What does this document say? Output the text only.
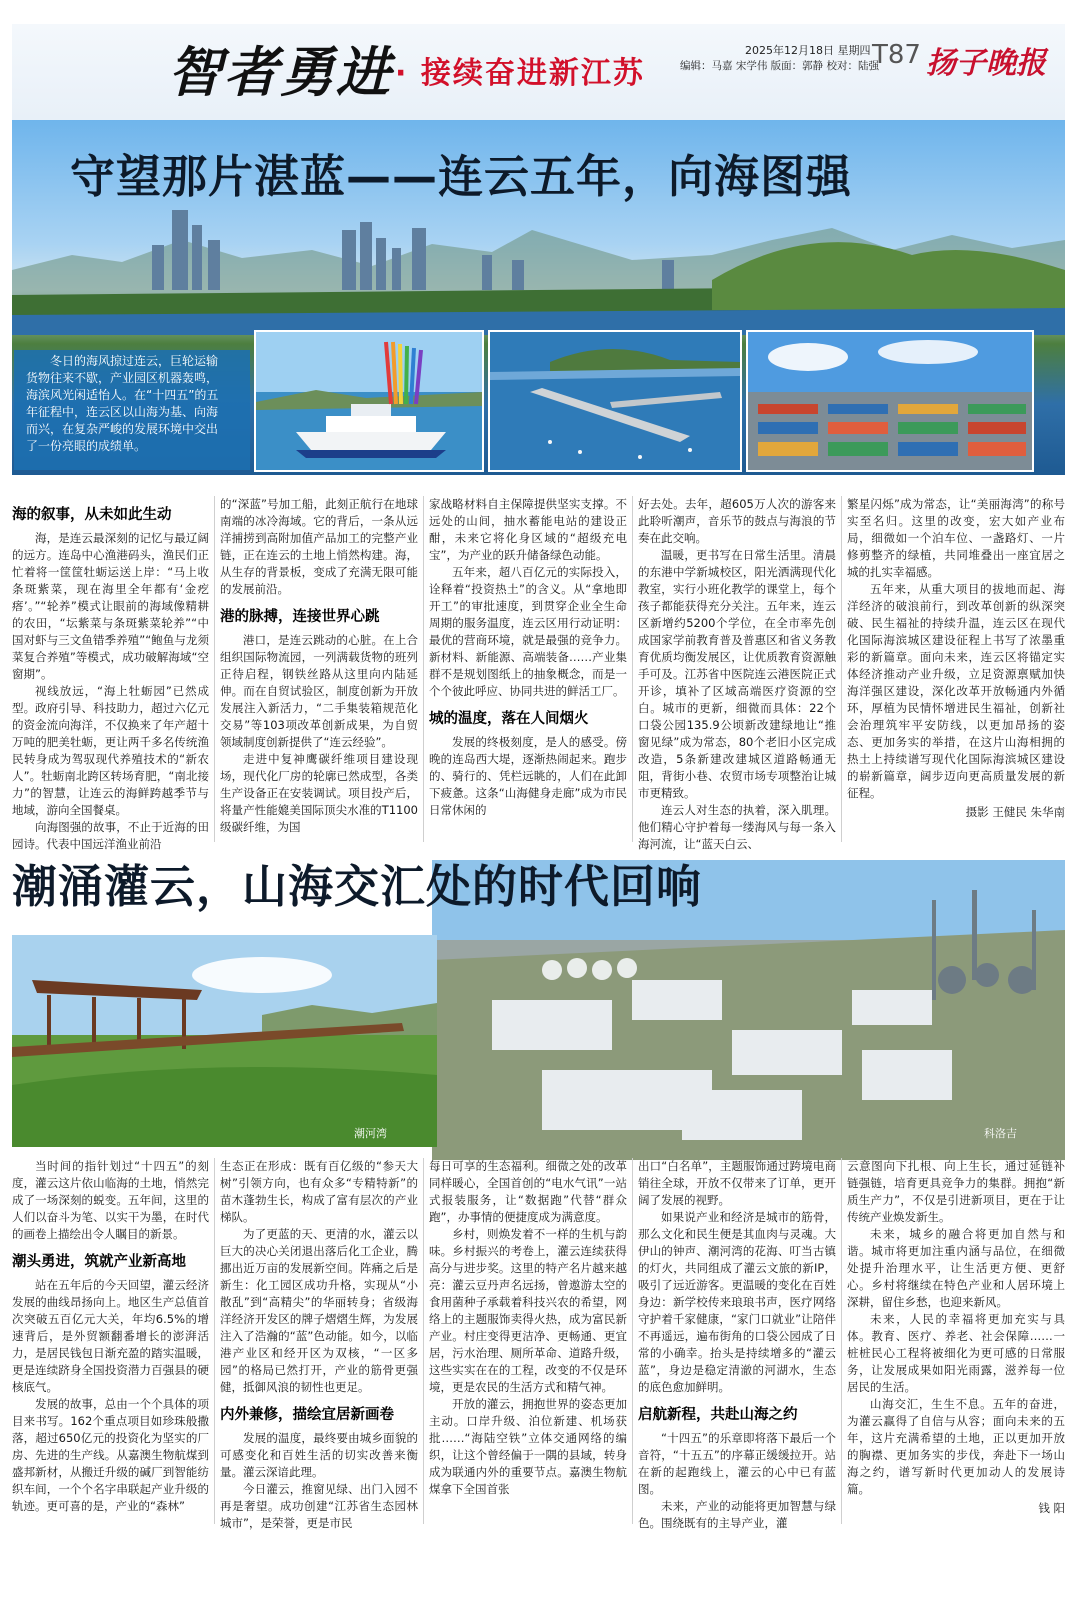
智者勇进 · 接续奋进新江苏
2025年12月18日 星期四
编辑：马嘉 宋学伟 版面：郭静 校对：陆强
T87 扬子晚报
守望那片湛蓝——连云五年，向海图强
冬日的海风掠过连云，巨轮运输货物往来不歇，产业园区机器轰鸣，海滨风光闲适怡人。在“十四五”的五年征程中，连云区以山海为基、向海而兴，在复杂严峻的发展环境中交出了一份亮眼的成绩单。
海的叙事，从未如此生动

海，是连云最深刻的记忆与最辽阔的远方。连岛中心渔港码头，渔民们正忙着将一筐筐牡蛎运送上岸：“马上收条斑紫菜，现在海里全年都有‘金疙瘩’。”“轮养”模式让眼前的海域像精耕的农田，“坛紫菜与条斑紫菜轮养”“中国对虾与三文鱼错季养殖”“鲍鱼与龙须菜复合养殖”等模式，成功破解海域“空窗期”。

视线放远，“海上牡蛎园”已然成型。政府引导、科技助力，超过六亿元的资金流向海洋，不仅换来了年产超十万吨的肥美牡蛎，更让两千多名传统渔民转身成为驾驭现代养殖技术的“新农人”。牡蛎南北跨区转场育肥，“南北接力”的智慧，让连云的海鲜跨越季节与地域，游向全国餐桌。

向海图强的故事，不止于近海的田园诗。代表中国远洋渔业前沿

的“深蓝”号加工船，此刻正航行在地球南端的冰冷海域。它的背后，一条从远洋捕捞到高附加值产品加工的完整产业链，正在连云的土地上悄然构建。海，从生存的背景板，变成了充满无限可能的发展前沿。

港的脉搏，连接世界心跳

港口，是连云跳动的心脏。在上合组织国际物流园，一列满载货物的班列正待启程，钢铁丝路从这里向内陆延伸。而在自贸试验区，制度创新为开放发展注入新活力，“二手集装箱规范化交易”等103项改革创新成果，为自贸领域制度创新提供了“连云经验”。

走进中复神鹰碳纤维项目建设现场，现代化厂房的轮廓已然成型，各类生产设备正在安装调试。项目投产后，将量产性能媲美国际顶尖水准的T1100级碳纤维，为国

家战略材料自主保障提供坚实支撑。不远处的山间，抽水蓄能电站的建设正酣，未来它将化身区域的“超级充电宝”，为产业的跃升储备绿色动能。

五年来，超八百亿元的实际投入，诠释着“投资热土”的含义。从“拿地即开工”的审批速度，到贯穿企业全生命周期的服务温度，连云区用行动证明：最优的营商环境，就是最强的竞争力。新材料、新能源、高端装备……产业集群不是规划图纸上的抽象概念，而是一个个彼此呼应、协同共进的鲜活工厂。

城的温度，落在人间烟火

发展的终极刻度，是人的感受。傍晚的连岛西大堤，逐渐热闹起来。跑步的、骑行的、凭栏远眺的，人们在此卸下疲惫。这条“山海健身走廊”成为市民日常休闲的

好去处。去年，超605万人次的游客来此聆听潮声，音乐节的鼓点与海浪的节奏在此交响。

温暖，更书写在日常生活里。清晨的东港中学新城校区，阳光洒满现代化教室，实行小班化教学的课堂上，每个孩子都能获得充分关注。五年来，连云区新增约5200个学位，在全市率先创成国家学前教育普及普惠区和省义务教育优质均衡发展区，让优质教育资源触手可及。江苏省中医院连云港医院正式开诊，填补了区域高端医疗资源的空白。城市的更新，细微而具体：22个口袋公园135.9公顷新改建绿地让“推窗见绿”成为常态，80个老旧小区完成改造，5条新建改建城区道路畅通无阻，背街小巷、农贸市场专项整治让城市更精致。

连云人对生态的执着，深入肌理。他们精心守护着每一缕海风与每一条入海河流，让“蓝天白云、

繁星闪烁”成为常态，让“美丽海湾”的称号实至名归。这里的改变，宏大如产业布局，细微如一个泊车位、一盏路灯、一片修剪整齐的绿植，共同堆叠出一座宜居之城的扎实幸福感。

五年来，从重大项目的拔地而起、海洋经济的破浪前行，到改革创新的纵深突破、民生福祉的持续升温，连云区在现代化国际海滨城区建设征程上书写了浓墨重彩的新篇章。面向未来，连云区将锚定实体经济推动产业升级，立足资源禀赋加快海洋强区建设，深化改革开放畅通内外循环，厚植为民情怀增进民生福祉，创新社会治理筑牢平安防线，以更加昂扬的姿态、更加务实的举措，在这片山海相拥的热土上持续谱写现代化国际海滨城区建设的崭新篇章，阔步迈向更高质量发展的新征程。

摄影 王健民 朱华南
潮涌灌云，山海交汇处的时代回响
潮河湾	科洛吉

当时间的指针划过“十四五”的刻度，灌云这片依山临海的土地，悄然完成了一场深刻的蜕变。五年间，这里的人们以奋斗为笔、以实干为墨，在时代的画卷上描绘出令人瞩目的新景。

潮头勇进，筑就产业新高地

站在五年后的今天回望，灌云经济发展的曲线昂扬向上。地区生产总值首次突破五百亿元大关，年均6.5%的增速背后，是外贸额翻番增长的澎湃活力，是居民钱包日渐充盈的踏实温暖，更是连续跻身全国投资潜力百强县的硬核底气。

发展的故事，总由一个个具体的项目来书写。162个重点项目如珍珠般撒落，超过650亿元的投资化为坚实的厂房、先进的生产线。从嘉澳生物航煤到盛邦新材，从搬迁升级的碱厂到智能纺织车间，一个个名字串联起产业升级的轨迹。更可喜的是，产业的“森林”

生态正在形成：既有百亿级的“参天大树”引领方向，也有众多“专精特新”的苗木蓬勃生长，构成了富有层次的产业梯队。

为了更蓝的天、更清的水，灌云以巨大的决心关闭退出落后化工企业，腾挪出近万亩的发展新空间。阵痛之后是新生：化工园区成功升格，实现从“小散乱”到“高精尖”的华丽转身；省级海洋经济开发区的牌子熠熠生辉，为发展注入了浩瀚的“蓝”色动能。如今，以临港产业区和经开区为双核，“一区多园”的格局已然打开，产业的筋骨更强健，抵御风浪的韧性也更足。

内外兼修，描绘宜居新画卷

发展的温度，最终要由城乡面貌的可感变化和百姓生活的切实改善来衡量。灌云深谙此理。

今日灌云，推窗见绿、出门入园不再是奢望。成功创建“江苏省生态园林城市”，是荣誉，更是市民

每日可享的生态福利。细微之处的改革同样暖心，全国首创的“电水气讯”一站式报装服务，让“数据跑”代替“群众跑”，办事情的便捷度成为满意度。

乡村，则焕发着不一样的生机与韵味。乡村振兴的考卷上，灌云连续获得高分与进步奖。这里的特产名片越来越亮：灌云豆丹声名远扬，曾遨游太空的食用菌种子承载着科技兴农的希望，网络上的主题服饰卖得火热，成为富民新产业。村庄变得更洁净、更畅通、更宜居，污水治理、厕所革命、道路升级，这些实实在在的工程，改变的不仅是环境，更是农民的生活方式和精气神。

开放的灌云，拥抱世界的姿态更加主动。口岸升级、泊位新建、机场获批……“海陆空铁”立体交通网络的编织，让这个曾经偏于一隅的县域，转身成为联通内外的重要节点。嘉澳生物航煤拿下全国首张

出口“白名单”，主题服饰通过跨境电商销往全球，开放不仅带来了订单，更开阔了发展的视野。

如果说产业和经济是城市的筋骨，那么文化和民生便是其血肉与灵魂。大伊山的钟声、潮河湾的花海、叮当古镇的灯火，共同组成了灌云文旅的新IP，吸引了远近游客。更温暖的变化在百姓身边：新学校传来琅琅书声，医疗网络守护着千家健康，“家门口就业”让陪伴不再遥远，遍布街角的口袋公园成了日常的小确幸。抬头是持续增多的“灌云蓝”，身边是稳定清澈的河湖水，生态的底色愈加鲜明。

启航新程，共赴山海之约

“十四五”的乐章即将落下最后一个音符，“十五五”的序幕正缓缓拉开。站在新的起跑线上，灌云的心中已有蓝图。

未来，产业的动能将更加智慧与绿色。围绕既有的主导产业，灌

云意图向下扎根、向上生长，通过延链补链强链，培育更具竞争力的集群。拥抱“新质生产力”，不仅是引进新项目，更在于让传统产业焕发新生。

未来，城乡的融合将更加自然与和谐。城市将更加注重内涵与品位，在细微处提升治理水平，让生活更方便、更舒心。乡村将继续在特色产业和人居环境上深耕，留住乡愁，也迎来新风。

未来，人民的幸福将更加充实与具体。教育、医疗、养老、社会保障……一桩桩民心工程将被细化为更可感的日常服务，让发展成果如阳光雨露，滋养每一位居民的生活。

山海交汇，生生不息。五年的奋进，为灌云赢得了自信与从容；面向未来的五年，这片充满希望的土地，正以更加开放的胸襟、更加务实的步伐，奔赴下一场山海之约，谱写新时代更加动人的发展诗篇。

钱 阳
